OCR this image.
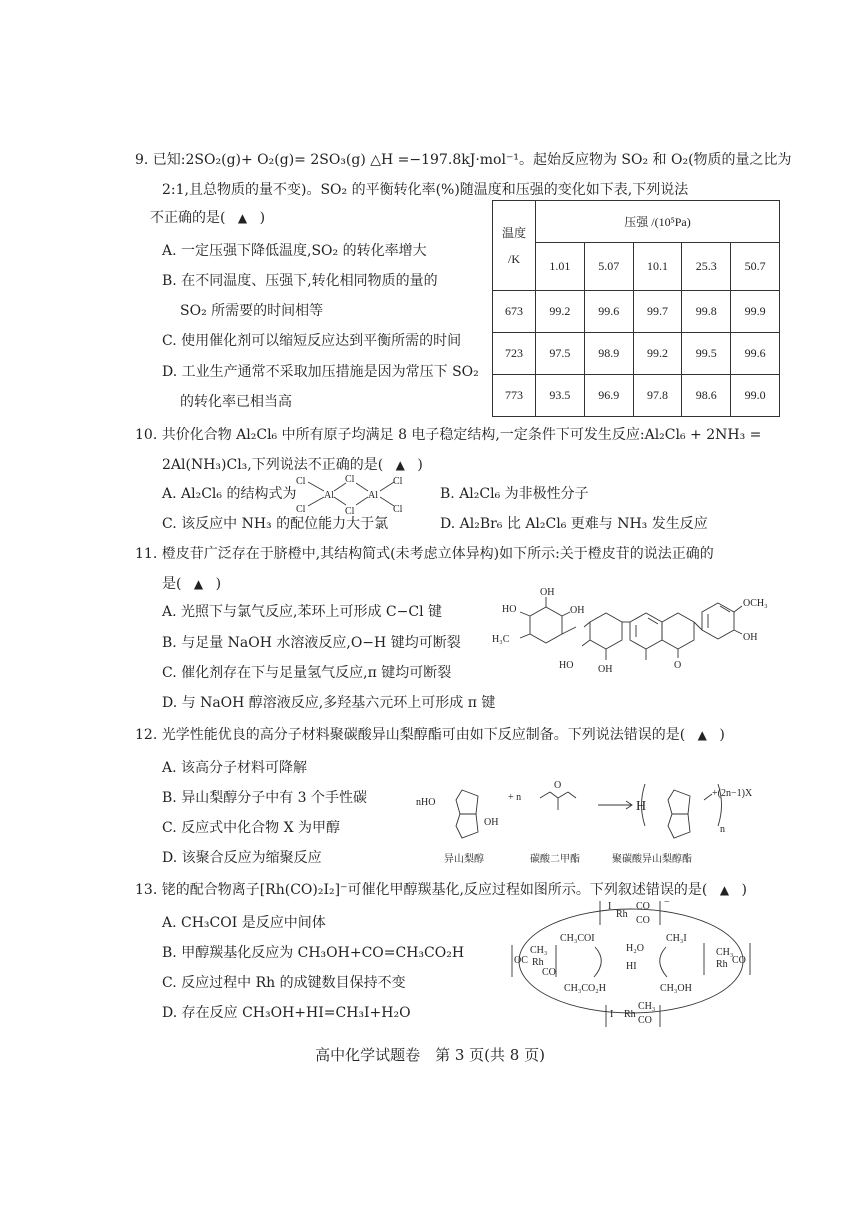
9. 已知:2SO₂(g)+ O₂(g)= 2SO₃(g) △H =−197.8kJ·mol⁻¹。起始反应物为 SO₂ 和 O₂(物质的量之比为
2:1,且总物质的量不变)。SO₂ 的平衡转化率(%)随温度和压强的变化如下表,下列说法
不正确的是( ▲ )
A. 一定压强下降低温度,SO₂ 的转化率增大
B. 在不同温度、压强下,转化相同物质的量的
SO₂ 所需要的时间相等
C. 使用催化剂可以缩短反应达到平衡所需的时间
D. 工业生产通常不采取加压措施是因为常压下 SO₂
的转化率已相当高
温度
/K	压强 /(10⁵Pa)				
	1.01	5.07	10.1	25.3	50.7
673	99.2	99.6	99.7	99.8	99.9
723	97.5	98.9	99.2	99.5	99.6
773	93.5	96.9	97.8	98.6	99.0
10. 共价化合物 Al₂Cl₆ 中所有原子均满足 8 电子稳定结构,一定条件下可发生反应:Al₂Cl₆ + 2NH₃ =
2Al(NH₃)Cl₃,下列说法不正确的是( ▲ )
A. Al₂Cl₆ 的结构式为
Cl
Cl
Al
Cl
Cl
Al
Cl
Cl
B. Al₂Cl₆ 为非极性分子
C. 该反应中 NH₃ 的配位能力大于氯	D. Al₂Br₆ 比 Al₂Cl₆ 更难与 NH₃ 发生反应
11. 橙皮苷广泛存在于脐橙中,其结构简式(未考虑立体异构)如下所示:关于橙皮苷的说法正确的
是( ▲ )
A. 光照下与氯气反应,苯环上可形成 C−Cl 键
B. 与足量 NaOH 水溶液反应,O−H 键均可断裂
C. 催化剂存在下与足量氢气反应,π 键均可断裂
D. 与 NaOH 醇溶液反应,多羟基六元环上可形成 π 键
OH
HO
H₃C
OH
HO OH	O
OCH₃
OH
12. 光学性能优良的高分子材料聚碳酸异山梨醇酯可由如下反应制备。下列说法错误的是( ▲ )
A. 该高分子材料可降解
B. 异山梨醇分子中有 3 个手性碳
C. 反应式中化合物 X 为甲醇
D. 该聚合反应为缩聚反应
nHO
OH
+ n
O
H
n
+(2n−1)X
异山梨醇	碳酸二甲酯	聚碳酸异山梨醇酯
13. 铑的配合物离子[Rh(CO)₂I₂]⁻可催化甲醇羰基化,反应过程如图所示。下列叙述错误的是( ▲ )
A. CH₃COI 是反应中间体
B. 甲醇羰基化反应为 CH₃OH+CO=CH₃CO₂H
C. 反应过程中 Rh 的成键数目保持不变
D. 存在反应 CH₃OH+HI=CH₃I+H₂O
I
Rh
CO
CO
−
OC
CH₃
Rh
CO
CH₃COI
H₂O
HI
CH₃I
CH₃OH
CH₃CO₂H
CH₃
Rh CO
I Rh
CH₃
CO
高中化学试题卷　第 3 页(共 8 页)
